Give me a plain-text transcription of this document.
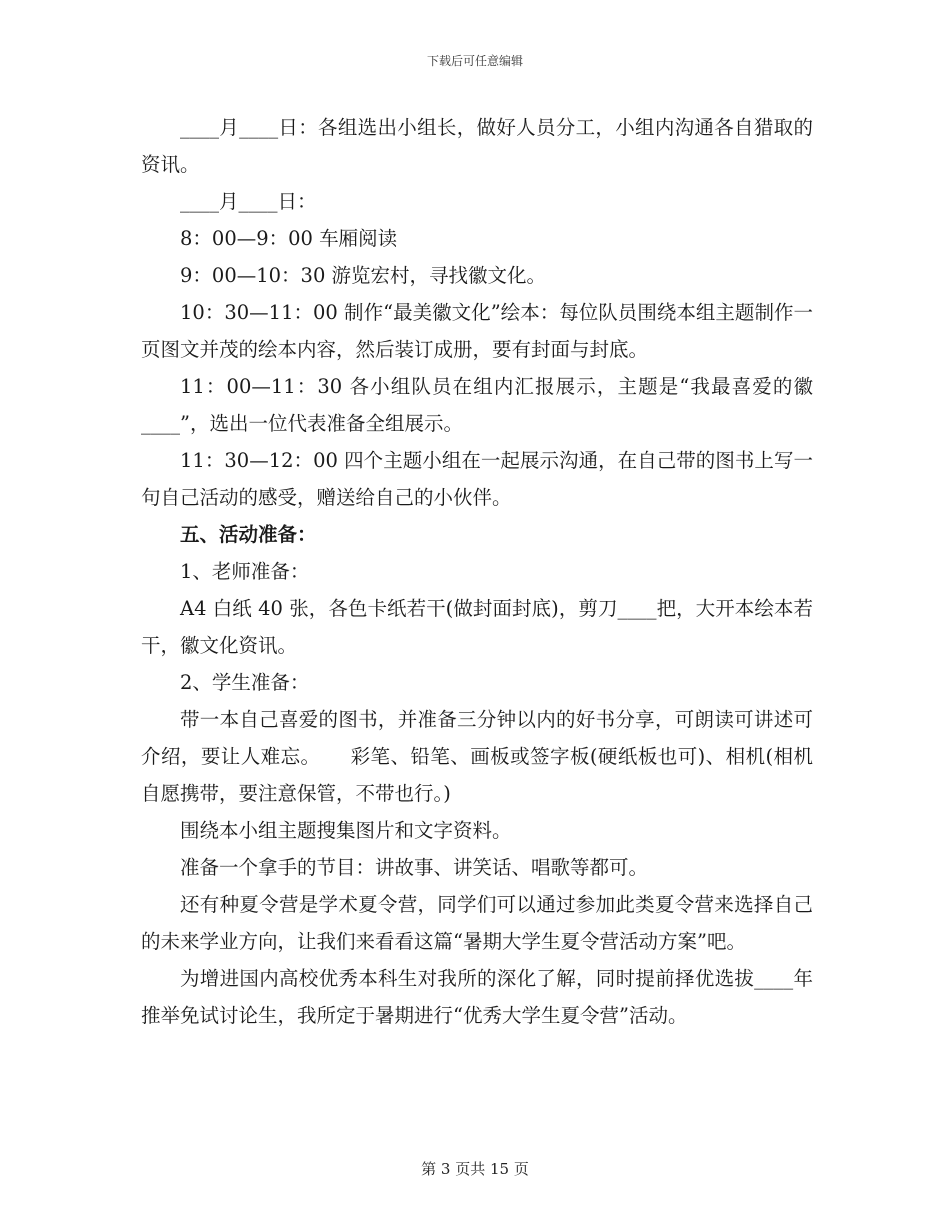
下载后可任意编辑

____月____日：各组选出小组长，做好人员分工，小组内沟通各自猎取的资讯。

____月____日：

8：00—9：00 车厢阅读

9：00—10：30 游览宏村，寻找徽文化。

10：30—11：00 制作“最美徽文化”绘本：每位队员围绕本组主题制作一页图文并茂的绘本内容，然后装订成册，要有封面与封底。

11：00—11：30 各小组队员在组内汇报展示，主题是“我最喜爱的徽____”，选出一位代表准备全组展示。

11：30—12：00 四个主题小组在一起展示沟通，在自己带的图书上写一句自己活动的感受，赠送给自己的小伙伴。

五、活动准备：

1、老师准备：

A4 白纸 40 张，各色卡纸若干(做封面封底)，剪刀____把，大开本绘本若干，徽文化资讯。

2、学生准备：

带一本自己喜爱的图书，并准备三分钟以内的好书分享，可朗读可讲述可介绍，要让人难忘。　　彩笔、铅笔、画板或签字板(硬纸板也可)、相机(相机自愿携带，要注意保管，不带也行。)

围绕本小组主题搜集图片和文字资料。

准备一个拿手的节目：讲故事、讲笑话、唱歌等都可。

还有种夏令营是学术夏令营，同学们可以通过参加此类夏令营来选择自己的未来学业方向，让我们来看看这篇“暑期大学生夏令营活动方案”吧。

为增进国内高校优秀本科生对我所的深化了解，同时提前择优选拔____年推举免试讨论生，我所定于暑期进行“优秀大学生夏令营”活动。

第 3 页共 15 页
